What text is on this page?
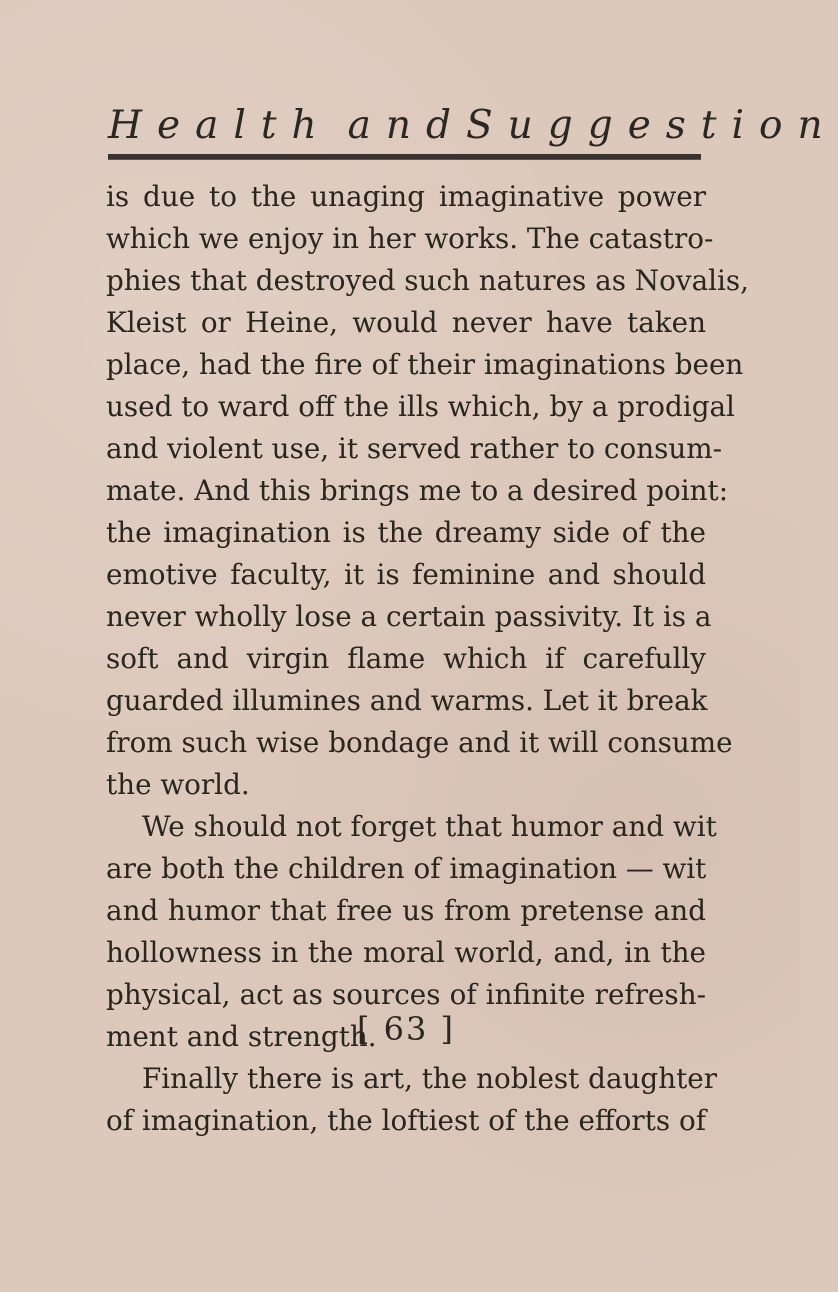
Health and Suggestion
is due to the unaging imaginative power
which we enjoy in her works. The catastro-
phies that destroyed such natures as Novalis,
Kleist or Heine, would never have taken
place, had the fire of their imaginations been
used to ward off the ills which, by a prodigal
and violent use, it served rather to consum-
mate. And this brings me to a desired point:
the imagination is the dreamy side of the
emotive faculty, it is feminine and should
never wholly lose a certain passivity. It is a
soft and virgin flame which if carefully
guarded illumines and warms. Let it break
from such wise bondage and it will consume
the world.
We should not forget that humor and wit
are both the children of imagination — wit
and humor that free us from pretense and
hollowness in the moral world, and, in the
physical, act as sources of infinite refresh-
ment and strength.
Finally there is art, the noblest daughter
of imagination, the loftiest of the efforts of
[ 63 ]
